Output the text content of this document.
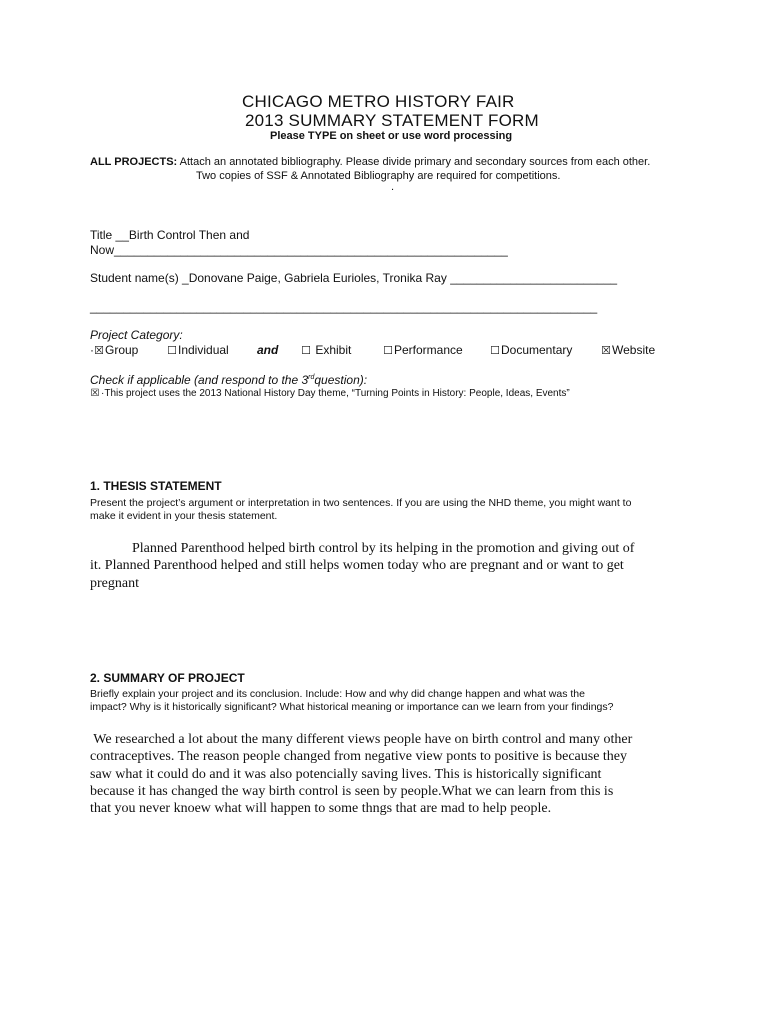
CHICAGO METRO HISTORY FAIR
2013 SUMMARY STATEMENT FORM
Please TYPE on sheet or use word processing
ALL PROJECTS: Attach an annotated bibliography. Please divide primary and secondary sources from each other.
Two copies of SSF & Annotated Bibliography are required for competitions.
.
Title __Birth Control Then and
Now___________________________________________________________
Student name(s) _Donovane Paige, Gabriela Eurioles, Tronika Ray _________________________
____________________________________________________________________________
Project Category:
· ☒Group	☐Individual and ☐ Exhibit	☐Performance ☐Documentary	☒Website
Check if applicable (and respond to the 3rdquestion):
☒ ·This project uses the 2013 National History Day theme, “Turning Points in History: People, Ideas, Events”
1. THESIS STATEMENT
Present the project’s argument or interpretation in two sentences. If you are using the NHD theme, you might want to
make it evident in your thesis statement.
Planned Parenthood helped birth control by its helping in the promotion and giving out of
it. Planned Parenthood helped and still helps women today who are pregnant and or want to get
pregnant
2. SUMMARY OF PROJECT
Briefly explain your project and its conclusion. Include: How and why did change happen and what was the
impact? Why is it historically significant? What historical meaning or importance can we learn from your findings?
We researched a lot about the many different views people have on birth control and many other
contraceptives. The reason people changed from negative view ponts to positive is because they
saw what it could do and it was also potencially saving lives. This is historically significant
because it has changed the way birth control is seen by people.What we can learn from this is
that you never knoew what will happen to some thngs that are mad to help people.
